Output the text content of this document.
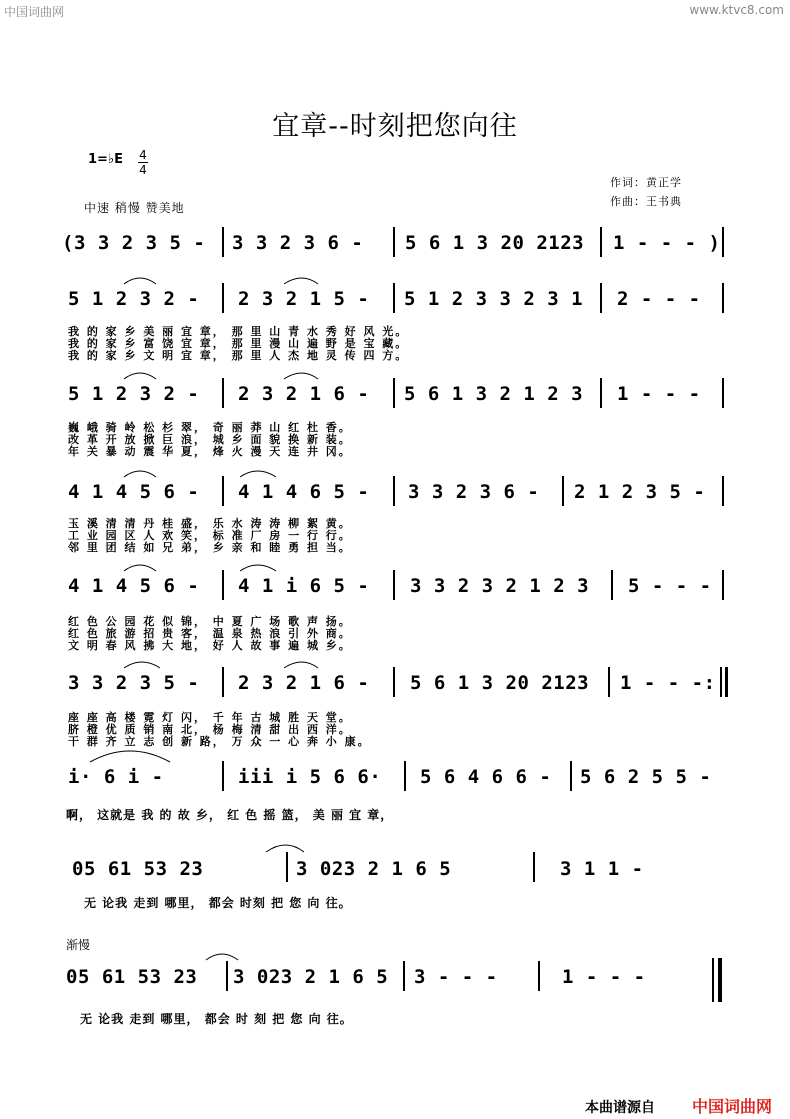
中国词曲网	www.ktvc8.com
宜章--时刻把您向往
1=♭E 4
4
作词：黄正学
作曲：王书典
中速 稍慢 赞美地
(3 3 2 3 5 - 3 3 2 3 6 - 5 6 1 3 20 2123 1 - - - )
5 1 2 3 2 - 2 3 2 1 5 - 5 1 2 3 3 2 3 1 2 - - -
我 的 家 乡 美 丽 宜 章， 那 里 山 青 水 秀 好 风 光。
我 的 家 乡 富 饶 宜 章， 那 里 漫 山 遍 野 是 宝 藏。
我 的 家 乡 文 明 宜 章， 那 里 人 杰 地 灵 传 四 方。
5 1 2 3 2 - 2 3 2 1 6 - 5 6 1 3 2 1 2 3 1 - - -
巍 峨 骑 岭 松 杉 翠， 奇 丽 莽 山 红 杜 香。
改 革 开 放 掀 巨 浪， 城 乡 面 貌 换 新 装。
年 关 暴 动 震 华 夏， 烽 火 漫 天 连 井 冈。
4 1 4 5 6 - 4 1 4 6 5 - 3 3 2 3 6 - 2 1 2 3 5 -
玉 溪 清 清 丹 桂 盛， 乐 水 涛 涛 柳 絮 黄。
工 业 园 区 人 欢 笑， 标 准 厂 房 一 行 行。
邻 里 团 结 如 兄 弟， 乡 亲 和 睦 勇 担 当。
4 1 4 5 6 - 4 1 i 6 5 - 3 3 2 3 2 1 2 3 5 - - -
红 色 公 园 花 似 锦， 中 夏 广 场 歌 声 扬。
红 色 旅 游 招 贵 客， 温 泉 热 浪 引 外 商。
文 明 春 风 拂 大 地， 好 人 故 事 遍 城 乡。
3 3 2 3 5 - 2 3 2 1 6 - 5 6 1 3 20 2123 1 - - -:
座 座 高 楼 霓 灯 闪， 千 年 古 城 胜 天 堂。
脐 橙 优 质 销 南 北， 杨 梅 清 甜 出 西 洋。
干 群 齐 立 志 创 新 路， 万 众 一 心 奔 小 康。
i· 6 i -	iii i 5 6 6· 5 6 4 6 6 - 5 6 2 5 5 -
啊， 这就是 我 的 故 乡， 红 色 摇 篮， 美 丽 宜 章，
05 61 53 23	3 023 2 1 6 5	3 1 1 -
无 论我 走到 哪里， 都会 时刻 把 您 向 往。
渐慢
05 61 53 23 3 023 2 1 6 5 3 - - -	1 - - -
无 论我 走到 哪里， 都会 时 刻 把 您 向 往。
本曲谱源自 中国词曲网
